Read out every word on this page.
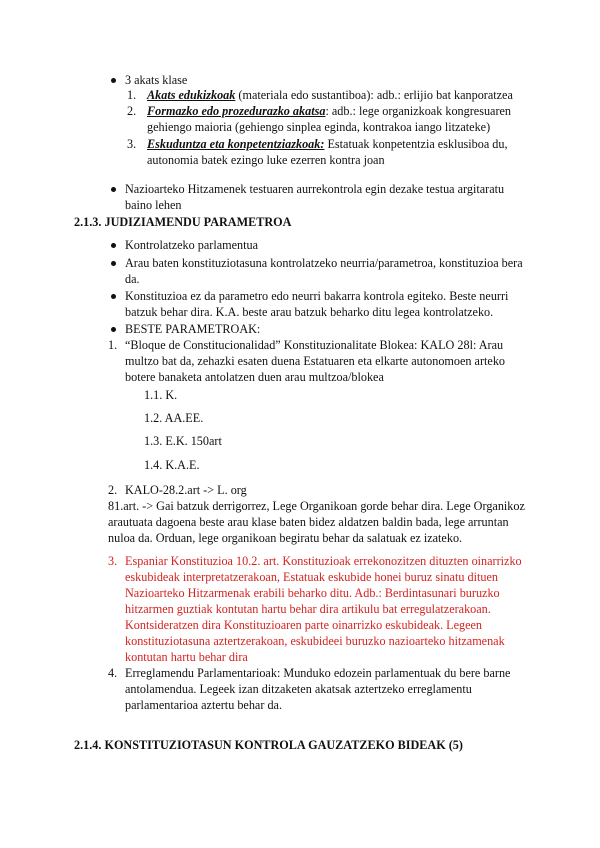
3 akats klase
1. Akats edukizkoak (materiala edo sustantiboa): adb.: erlijio bat kanporatzea
2. Formazko edo prozedurazko akatsa: adb.: lege organizkoak kongresuaren
gehiengo maioria (gehiengo sinplea eginda, kontrakoa iango litzateke)
3. Eskuduntza eta konpetentziazkoak: Estatuak konpetentzia esklusiboa du,
autonomia batek ezingo luke ezerren kontra joan
Nazioarteko Hitzamenek testuaren aurrekontrola egin dezake testua argitaratu
baino lehen
2.1.3. JUDIZIAMENDU PARAMETROA
Kontrolatzeko parlamentua
Arau baten konstituziotasuna kontrolatzeko neurria/parametroa, konstituzioa bera
da.
Konstituzioa ez da parametro edo neurri bakarra kontrola egiteko. Beste neurri
batzuk behar dira. K.A. beste arau batzuk beharko ditu legea kontrolatzeko.
BESTE PARAMETROAK:
1. “Bloque de Constitucionalidad” Konstituzionalitate Blokea: KALO 28l: Arau
multzo bat da, zehazki esaten duena Estatuaren eta elkarte autonomoen arteko
botere banaketa antolatzen duen arau multzoa/blokea
1.1. K.
1.2. AA.EE.
1.3. E.K. 150art
1.4. K.A.E.
2. KALO-28.2.art -> L. org
81.art. -> Gai batzuk derrigorrez, Lege Organikoan gorde behar dira. Lege Organikoz
arautuata dagoena beste arau klase baten bidez aldatzen baldin bada, lege arruntan
nuloa da. Orduan, lege organikoan begiratu behar da salatuak ez izateko.
3. Espaniar Konstituzioa 10.2. art. Konstituzioak errekonozitzen dituzten oinarrizko
eskubideak interpretatzerakoan, Estatuak eskubide honei buruz sinatu dituen
Nazioarteko Hitzarmenak erabili beharko ditu. Adb.: Berdintasunari buruzko
hitzarmen guztiak kontutan hartu behar dira artikulu bat erregulatzerakoan.
Kontsideratzen dira Konstituzioaren parte oinarrizko eskubideak. Legeen
konstituziotasuna aztertzerakoan, eskubideei buruzko nazioarteko hitzamenak
kontutan hartu behar dira
4. Erreglamendu Parlamentarioak: Munduko edozein parlamentuak du bere barne
antolamendua. Legeek izan ditzaketen akatsak aztertzeko erreglamentu
parlamentarioa aztertu behar da.
2.1.4. KONSTITUZIOTASUN KONTROLA GAUZATZEKO BIDEAK (5)
